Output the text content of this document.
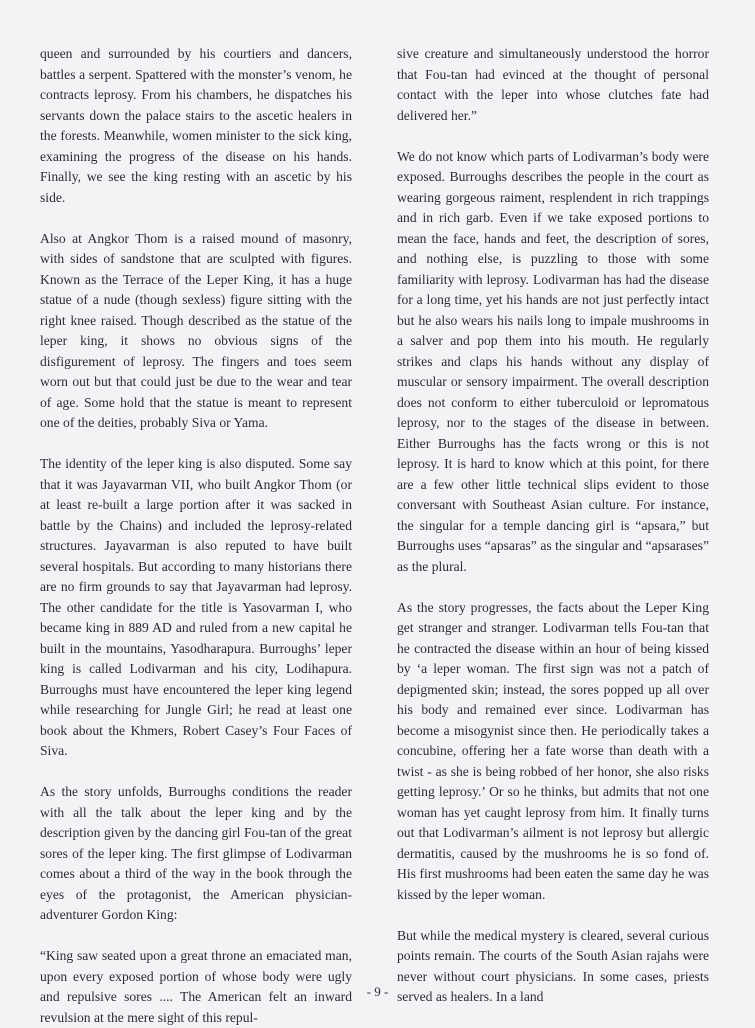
queen and surrounded by his courtiers and dancers, battles a serpent. Spattered with the monster’s venom, he contracts leprosy. From his chambers, he dispatches his servants down the palace stairs to the ascetic healers in the forests. Meanwhile, women minister to the sick king, examining the progress of the disease on his hands. Finally, we see the king resting with an ascetic by his side.

Also at Angkor Thom is a raised mound of masonry, with sides of sandstone that are sculpted with figures. Known as the Terrace of the Leper King, it has a huge statue of a nude (though sexless) figure sitting with the right knee raised. Though described as the statue of the leper king, it shows no obvious signs of the disfigurement of leprosy. The fingers and toes seem worn out but that could just be due to the wear and tear of age. Some hold that the statue is meant to represent one of the deities, probably Siva or Yama.

The identity of the leper king is also disputed. Some say that it was Jayavarman VII, who built Angkor Thom (or at least re-built a large portion after it was sacked in battle by the Chains) and included the leprosy-related structures. Jayavarman is also reputed to have built several hospitals. But according to many historians there are no firm grounds to say that Jayavarman had leprosy. The other candidate for the title is Yasovarman I, who became king in 889 AD and ruled from a new capital he built in the mountains, Yasodharapura. Burroughs’ leper king is called Lodivarman and his city, Lodihapura. Burroughs must have encountered the leper king legend while researching for Jungle Girl; he read at least one book about the Khmers, Robert Casey’s Four Faces of Siva.

As the story unfolds, Burroughs conditions the reader with all the talk about the leper king and by the description given by the dancing girl Fou-tan of the great sores of the leper king. The first glimpse of Lodivarman comes about a third of the way in the book through the eyes of the protagonist, the American physician-adventurer Gordon King:

“King saw seated upon a great throne an emaciated man, upon every exposed portion of whose body were ugly and repulsive sores .... The American felt an inward revulsion at the mere sight of this repul-

sive creature and simultaneously understood the horror that Fou-tan had evinced at the thought of personal contact with the leper into whose clutches fate had delivered her.”

We do not know which parts of Lodivarman’s body were exposed. Burroughs describes the people in the court as wearing gorgeous raiment, resplendent in rich trappings and in rich garb. Even if we take exposed portions to mean the face, hands and feet, the description of sores, and nothing else, is puzzling to those with some familiarity with leprosy. Lodivarman has had the disease for a long time, yet his hands are not just perfectly intact but he also wears his nails long to impale mushrooms in a salver and pop them into his mouth. He regularly strikes and claps his hands without any display of muscular or sensory impairment. The overall description does not conform to either tuberculoid or lepromatous leprosy, nor to the stages of the disease in between. Either Burroughs has the facts wrong or this is not leprosy. It is hard to know which at this point, for there are a few other little technical slips evident to those conversant with Southeast Asian culture. For instance, the singular for a temple dancing girl is “apsara,” but Burroughs uses “apsaras” as the singular and “apsarases” as the plural.

As the story progresses, the facts about the Leper King get stranger and stranger. Lodivarman tells Fou-tan that he contracted the disease within an hour of being kissed by ‘a leper woman. The first sign was not a patch of depigmented skin; instead, the sores popped up all over his body and remained ever since. Lodivarman has become a misogynist since then. He periodically takes a concubine, offering her a fate worse than death with a twist - as she is being robbed of her honor, she also risks getting leprosy.’ Or so he thinks, but admits that not one woman has yet caught leprosy from him. It finally turns out that Lodivarman’s ailment is not leprosy but allergic dermatitis, caused by the mushrooms he is so fond of. His first mushrooms had been eaten the same day he was kissed by the leper woman.

But while the medical mystery is cleared, several curious points remain. The courts of the South Asian rajahs were never without court physicians. In some cases, priests served as healers. In a land

- 9 -
